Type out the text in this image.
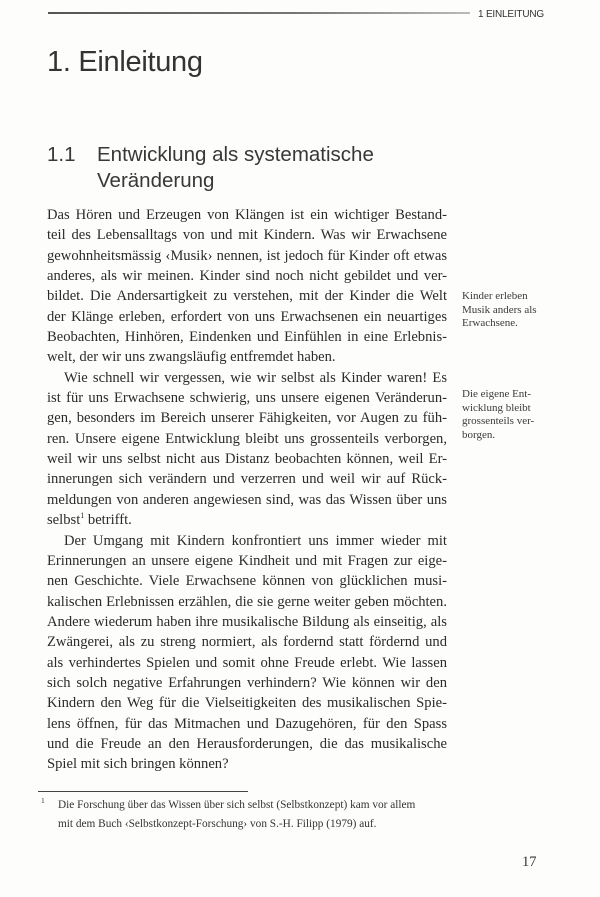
1 EINLEITUNG
1. Einleitung
1.1 Entwicklung als systematische
Veränderung
Das Hören und Erzeugen von Klängen ist ein wichtiger Bestand-
teil des Lebensalltags von und mit Kindern. Was wir Erwachsene
gewohnheitsmässig ‹Musik› nennen, ist jedoch für Kinder oft etwas
anderes, als wir meinen. Kinder sind noch nicht gebildet und ver-
bildet. Die Andersartigkeit zu verstehen, mit der Kinder die Welt
der Klänge erleben, erfordert von uns Erwachsenen ein neuartiges
Beobachten, Hinhören, Eindenken und Einfühlen in eine Erlebnis-
welt, der wir uns zwangsläufig entfremdet haben.
Wie schnell wir vergessen, wie wir selbst als Kinder waren! Es
ist für uns Erwachsene schwierig, uns unsere eigenen Veränderun-
gen, besonders im Bereich unserer Fähigkeiten, vor Augen zu füh-
ren. Unsere eigene Entwicklung bleibt uns grossenteils verborgen,
weil wir uns selbst nicht aus Distanz beobachten können, weil Er-
innerungen sich verändern und verzerren und weil wir auf Rück-
meldungen von anderen angewiesen sind, was das Wissen über uns
selbst$^1$ betrifft.
Der Umgang mit Kindern konfrontiert uns immer wieder mit
Erinnerungen an unsere eigene Kindheit und mit Fragen zur eige-
nen Geschichte. Viele Erwachsene können von glücklichen musi-
kalischen Erlebnissen erzählen, die sie gerne weiter geben möchten.
Andere wiederum haben ihre musikalische Bildung als einseitig, als
Zwängerei, als zu streng normiert, als fordernd statt fördernd und
als verhindertes Spielen und somit ohne Freude erlebt. Wie lassen
sich solch negative Erfahrungen verhindern? Wie können wir den
Kindern den Weg für die Vielseitigkeiten des musikalischen Spie-
lens öffnen, für das Mitmachen und Dazugehören, für den Spass
und die Freude an den Herausforderungen, die das musikalische
Spiel mit sich bringen können?
Kinder erleben
Musik anders als
Erwachsene.
Die eigene Ent-
wicklung bleibt
grossenteils ver-
borgen.
1 Die Forschung über das Wissen über sich selbst (Selbstkonzept) kam vor allem
mit dem Buch ‹Selbstkonzept-Forschung› von S.-H. Filipp (1979) auf.
17
